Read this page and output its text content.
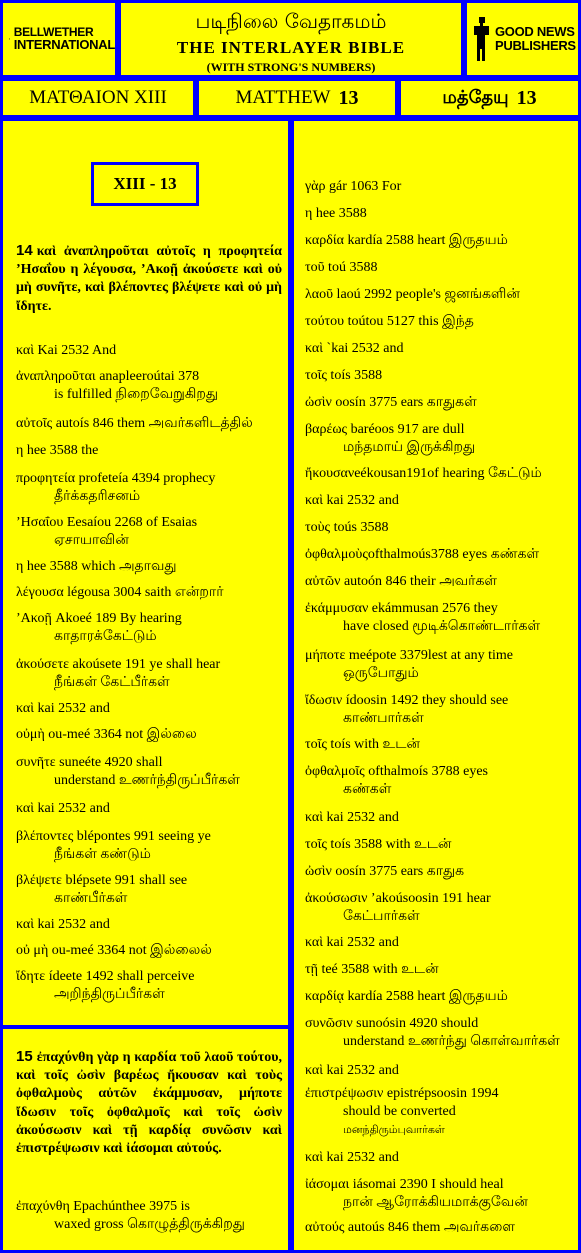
BELLWETHER
INTERNATIONAL
படிநிலை வேதாகமம்
THE INTERLAYER BIBLE
(WITH STRONG'S NUMBERS)
GOOD NEWS
PUBLISHERS
ΜΑΤΘΑΙΟΝ XIII	MATTHEW 13	மத்தேயு 13
XIII - 13
14 καὶ ἀναπληροῦται αὐτοῖς η προφητεία ’Ησαΐου η λέγουσα, ’Ακοῇ ἀκούσετε καὶ οὐ μὴ συνῆτε, καὶ βλέποντες βλέψετε καὶ οὐ μὴ ἴδητε.
καὶ Kai 2532 And
ἀναπληροῦται anapleeroútai 378
is fulfilled நிறைவேறுகிறது
αὐτοῖς autoís 846 them அவர்களிடத்தில்
η hee 3588 the
προφητεία profeteía 4394 prophecy
தீர்க்கதரிசனம்
’Ησαΐου Eesaíou 2268 of Esaias
ஏசாயாவின்
η hee 3588 which அதாவது
λέγουσα légousa 3004 saith என்றார்
’Ακοῇ Akoeé 189 By hearing
காதாரக்கேட்டும்
ἀκούσετε akoúsete 191 ye shall hear
நீங்கள் கேட்பீர்கள்
καὶ kai 2532 and
οὐμὴ ou-meé 3364 not இல்லை
συνῆτε suneéte 4920 shall
understand உணர்ந்திருப்பீர்கள்
καὶ kai 2532 and
βλέποντες blépontes 991 seeing ye
நீங்கள் கண்டும்
βλέψετε blépsete 991 shall see
காண்பீர்கள்
καὶ kai 2532 and
οὐ μὴ ou-meé 3364 not இல்லைல்
ἴδητε ídeete 1492 shall perceive
அறிந்திருப்பீர்கள்
15 ἐπαχύνθη γὰρ η καρδία τοῦ λαοῦ τούτου, καὶ τοῖς ὠσὶν βαρέως ἤκουσαν καὶ τοὺς ὀφθαλμοὺς αὐτῶν ἐκάμμυσαν, μήποτε ἴδωσιν τοῖς ὀφθαλμοῖς καὶ τοῖς ὠσὶν ἀκούσωσιν καὶ τῇ καρδίᾳ συνῶσιν καὶ ἐπιστρέψωσιν καὶ ἰάσομαι αὐτούς.
ἐπαχύνθη Epachúnthee 3975 is
waxed gross கொழுத்திருக்கிறது
γὰρ gár 1063 For
η hee 3588
καρδία kardía 2588 heart இருதயம்
τοῦ toú 3588
λαοῦ laoú 2992 people's ஜனங்களின்
τούτου toútou 5127 this இந்த
καὶ `kai 2532 and
τοῖς toís 3588
ὠσὶν oosín 3775 ears காதுகள்
βαρέως baréoos 917 are dull
மந்தமாய் இருக்கிறது
ἤκουσανeékousan191of hearing கேட்டும்
καὶ kai 2532 and
τοὺς toús 3588
ὀφθαλμοὺςofthalmoús3788 eyes கண்கள்
αὐτῶν autoón 846 their அவர்கள்
ἐκάμμυσαν ekámmusan 2576 they
have closed மூடிக்கொண்டார்கள்
μήποτε meépote 3379lest at any time
ஒருபோதும்
ἴδωσιν ídoosin 1492 they should see
காண்பார்கள்
τοῖς toís with உடன்
ὀφθαλμοῖς ofthalmoís 3788 eyes
கண்கள்
καὶ kai 2532 and
τοῖς toís 3588 with உடன்
ὠσὶν oosín 3775 ears காதுக
ἀκούσωσιν ’akoúsoosin 191 hear
கேட்பார்கள்
καὶ kai 2532 and
τῇ teé 3588 with உடன்
καρδίᾳ kardía 2588 heart இருதயம்
συνῶσιν sunoósin 4920 should
understand உணர்ந்து கொள்வார்கள்
καὶ kai 2532 and
ἐπιστρέψωσιν epistrépsoosin 1994
should be converted
καὶ kai 2532 and
ἰάσομαι iásomai 2390 I should heal
நான் ஆரோக்கியமாக்குவேன்
αὐτούς autoús 846 them அவர்களை
மனந்திரும்புவார்கள்
